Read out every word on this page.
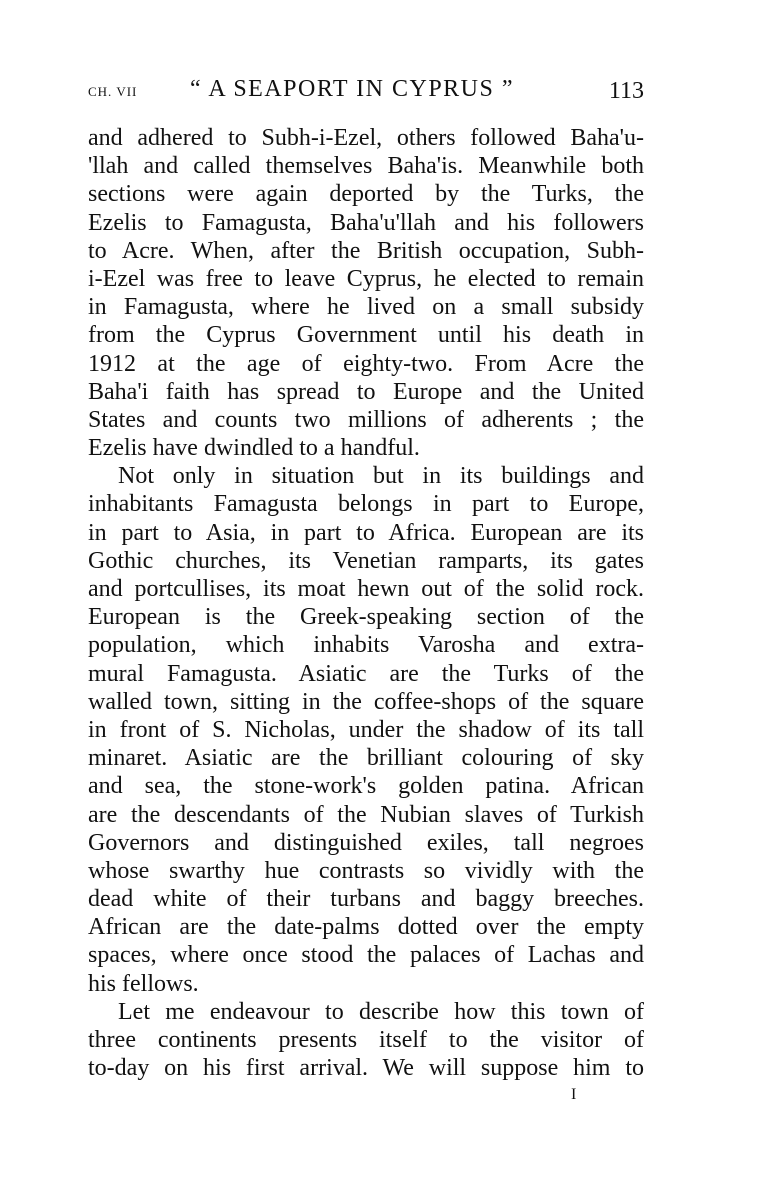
CH. VII “ A SEAPORT IN CYPRUS ”	113
and adhered to Subh-i-Ezel, others followed Baha'u-
'llah and called themselves Baha'is. Meanwhile both
sections were again deported by the Turks, the
Ezelis to Famagusta, Baha'u'llah and his followers
to Acre. When, after the British occupation, Subh-
i-Ezel was free to leave Cyprus, he elected to remain
in Famagusta, where he lived on a small subsidy
from the Cyprus Government until his death in
1912 at the age of eighty-two. From Acre the
Baha'i faith has spread to Europe and the United
States and counts two millions of adherents ; the
Ezelis have dwindled to a handful.
Not only in situation but in its buildings and
inhabitants Famagusta belongs in part to Europe,
in part to Asia, in part to Africa. European are its
Gothic churches, its Venetian ramparts, its gates
and portcullises, its moat hewn out of the solid rock.
European is the Greek-speaking section of the
population, which inhabits Varosha and extra-
mural Famagusta. Asiatic are the Turks of the
walled town, sitting in the coffee-shops of the square
in front of S. Nicholas, under the shadow of its tall
minaret. Asiatic are the brilliant colouring of sky
and sea, the stone-work's golden patina. African
are the descendants of the Nubian slaves of Turkish
Governors and distinguished exiles, tall negroes
whose swarthy hue contrasts so vividly with the
dead white of their turbans and baggy breeches.
African are the date-palms dotted over the empty
spaces, where once stood the palaces of Lachas and
his fellows.
Let me endeavour to describe how this town of
three continents presents itself to the visitor of
to-day on his first arrival. We will suppose him to
I
